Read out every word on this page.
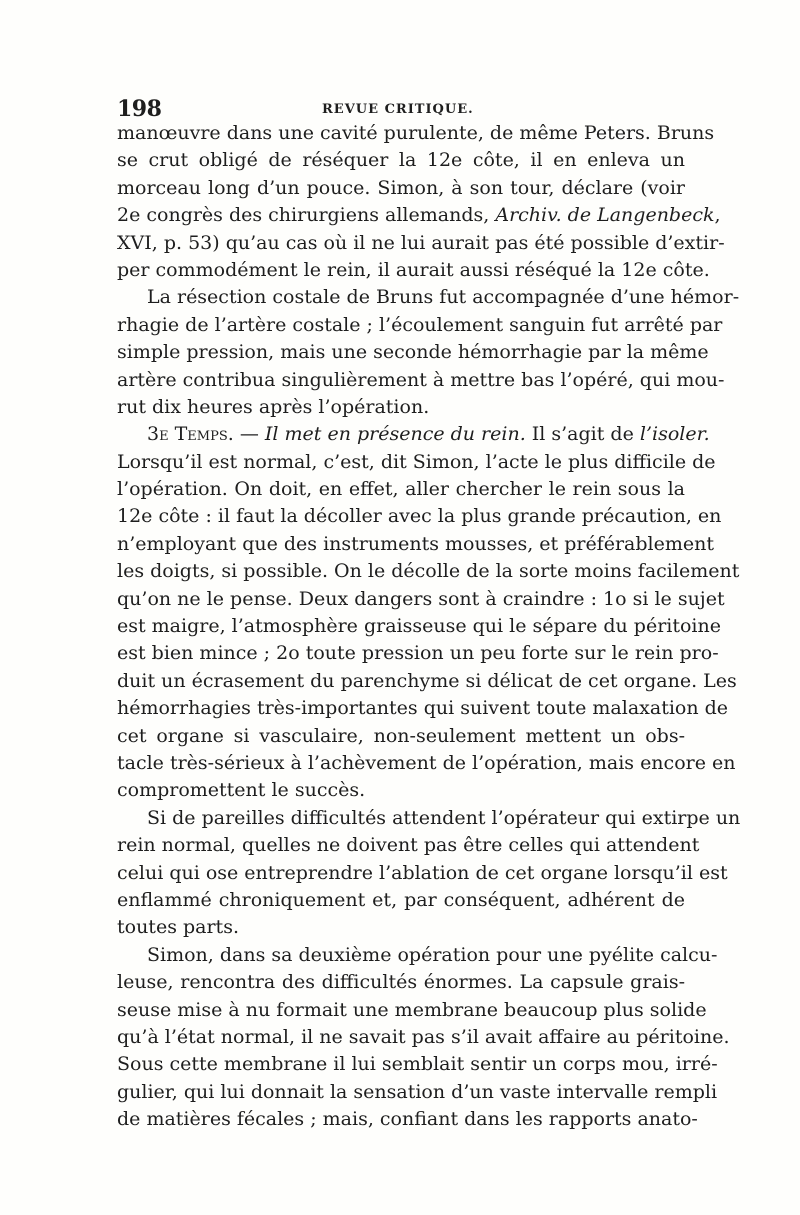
198	REVUE CRITIQUE.
manœuvre dans une cavité purulente, de même Peters. Bruns
se crut obligé de réséquer la 12e côte, il en enleva un
morceau long d’un pouce. Simon, à son tour, déclare (voir
2e congrès des chirurgiens allemands, Archiv. de Langenbeck,
XVI, p. 53) qu’au cas où il ne lui aurait pas été possible d’extir-
per commodément le rein, il aurait aussi réséqué la 12e côte.
La résection costale de Bruns fut accompagnée d’une hémor-
rhagie de l’artère costale ; l’écoulement sanguin fut arrêté par
simple pression, mais une seconde hémorrhagie par la même
artère contribua singulièrement à mettre bas l’opéré, qui mou-
rut dix heures après l’opération.
3e Temps. — Il met en présence du rein. Il s’agit de l’isoler.
Lorsqu’il est normal, c’est, dit Simon, l’acte le plus difficile de
l’opération. On doit, en effet, aller chercher le rein sous la
12e côte : il faut la décoller avec la plus grande précaution, en
n’employant que des instruments mousses, et préférablement
les doigts, si possible. On le décolle de la sorte moins facilement
qu’on ne le pense. Deux dangers sont à craindre : 1o si le sujet
est maigre, l’atmosphère graisseuse qui le sépare du péritoine
est bien mince ; 2o toute pression un peu forte sur le rein pro-
duit un écrasement du parenchyme si délicat de cet organe. Les
hémorrhagies très-importantes qui suivent toute malaxation de
cet organe si vasculaire, non-seulement mettent un obs-
tacle très-sérieux à l’achèvement de l’opération, mais encore en
compromettent le succès.
Si de pareilles difficultés attendent l’opérateur qui extirpe un
rein normal, quelles ne doivent pas être celles qui attendent
celui qui ose entreprendre l’ablation de cet organe lorsqu’il est
enflammé chroniquement et, par conséquent, adhérent de
toutes parts.
Simon, dans sa deuxième opération pour une pyélite calcu-
leuse, rencontra des difficultés énormes. La capsule grais-
seuse mise à nu formait une membrane beaucoup plus solide
qu’à l’état normal, il ne savait pas s’il avait affaire au péritoine.
Sous cette membrane il lui semblait sentir un corps mou, irré-
gulier, qui lui donnait la sensation d’un vaste intervalle rempli
de matières fécales ; mais, confiant dans les rapports anato-
